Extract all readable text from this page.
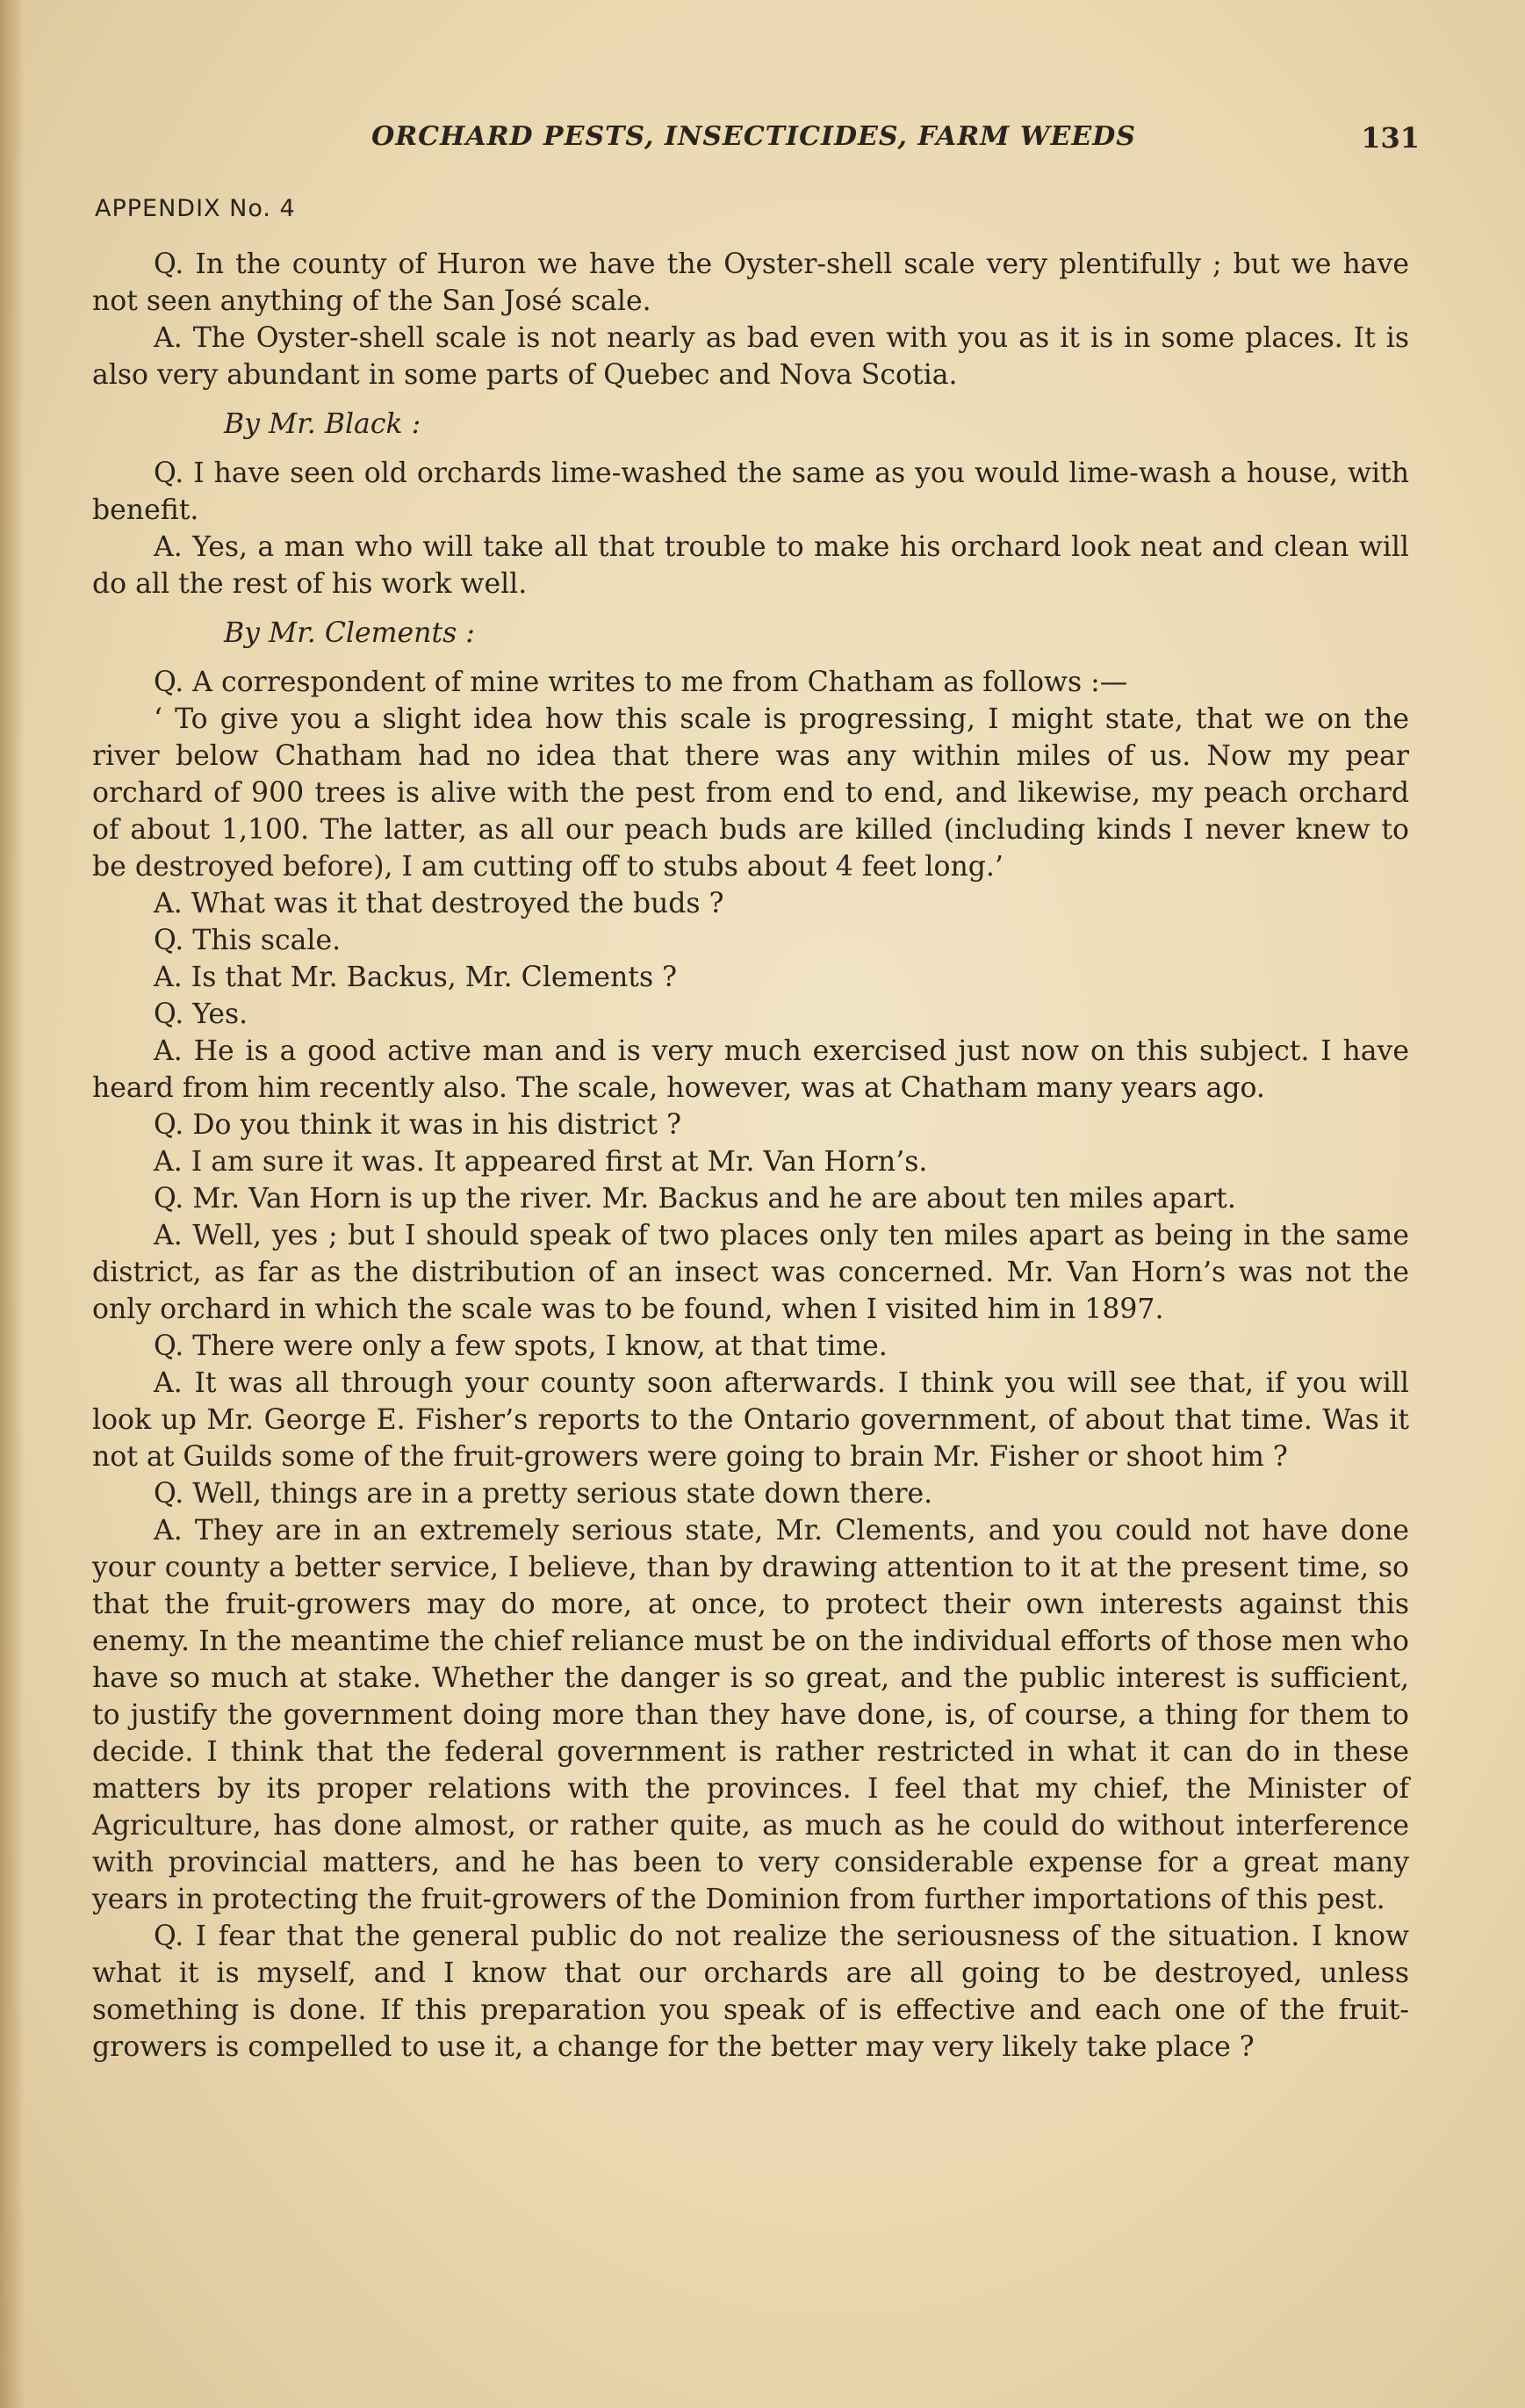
ORCHARD PESTS, INSECTICIDES, FARM WEEDS	131
APPENDIX No. 4

Q. In the county of Huron we have the Oyster-shell scale very plentifully ; but we have not seen anything of the San José scale.

A. The Oyster-shell scale is not nearly as bad even with you as it is in some places. It is also very abundant in some parts of Quebec and Nova Scotia.

By Mr. Black :

Q. I have seen old orchards lime-washed the same as you would lime-wash a house, with benefit.

A. Yes, a man who will take all that trouble to make his orchard look neat and clean will do all the rest of his work well.

By Mr. Clements :

Q. A correspondent of mine writes to me from Chatham as follows :—

‘ To give you a slight idea how this scale is progressing, I might state, that we on the river below Chatham had no idea that there was any within miles of us. Now my pear orchard of 900 trees is alive with the pest from end to end, and likewise, my peach orchard of about 1,100. The latter, as all our peach buds are killed (including kinds I never knew to be destroyed before), I am cutting off to stubs about 4 feet long.’

A. What was it that destroyed the buds ?

Q. This scale.

A. Is that Mr. Backus, Mr. Clements ?

Q. Yes.

A. He is a good active man and is very much exercised just now on this subject. I have heard from him recently also. The scale, however, was at Chatham many years ago.

Q. Do you think it was in his district ?

A. I am sure it was. It appeared first at Mr. Van Horn’s.

Q. Mr. Van Horn is up the river. Mr. Backus and he are about ten miles apart.

A. Well, yes ; but I should speak of two places only ten miles apart as being in the same district, as far as the distribution of an insect was concerned. Mr. Van Horn’s was not the only orchard in which the scale was to be found, when I visited him in 1897.

Q. There were only a few spots, I know, at that time.

A. It was all through your county soon afterwards. I think you will see that, if you will look up Mr. George E. Fisher’s reports to the Ontario government, of about that time. Was it not at Guilds some of the fruit-growers were going to brain Mr. Fisher or shoot him ?

Q. Well, things are in a pretty serious state down there.

A. They are in an extremely serious state, Mr. Clements, and you could not have done your county a better service, I believe, than by drawing attention to it at the present time, so that the fruit-growers may do more, at once, to protect their own interests against this enemy. In the meantime the chief reliance must be on the individual efforts of those men who have so much at stake. Whether the danger is so great, and the public interest is sufficient, to justify the government doing more than they have done, is, of course, a thing for them to decide. I think that the federal government is rather restricted in what it can do in these matters by its proper relations with the provinces. I feel that my chief, the Minister of Agriculture, has done almost, or rather quite, as much as he could do without interference with provincial matters, and he has been to very considerable expense for a great many years in protecting the fruit-growers of the Dominion from further importations of this pest.

Q. I fear that the general public do not realize the seriousness of the situation. I know what it is myself, and I know that our orchards are all going to be destroyed, unless something is done. If this preparation you speak of is effective and each one of the fruit-growers is compelled to use it, a change for the better may very likely take place ?
